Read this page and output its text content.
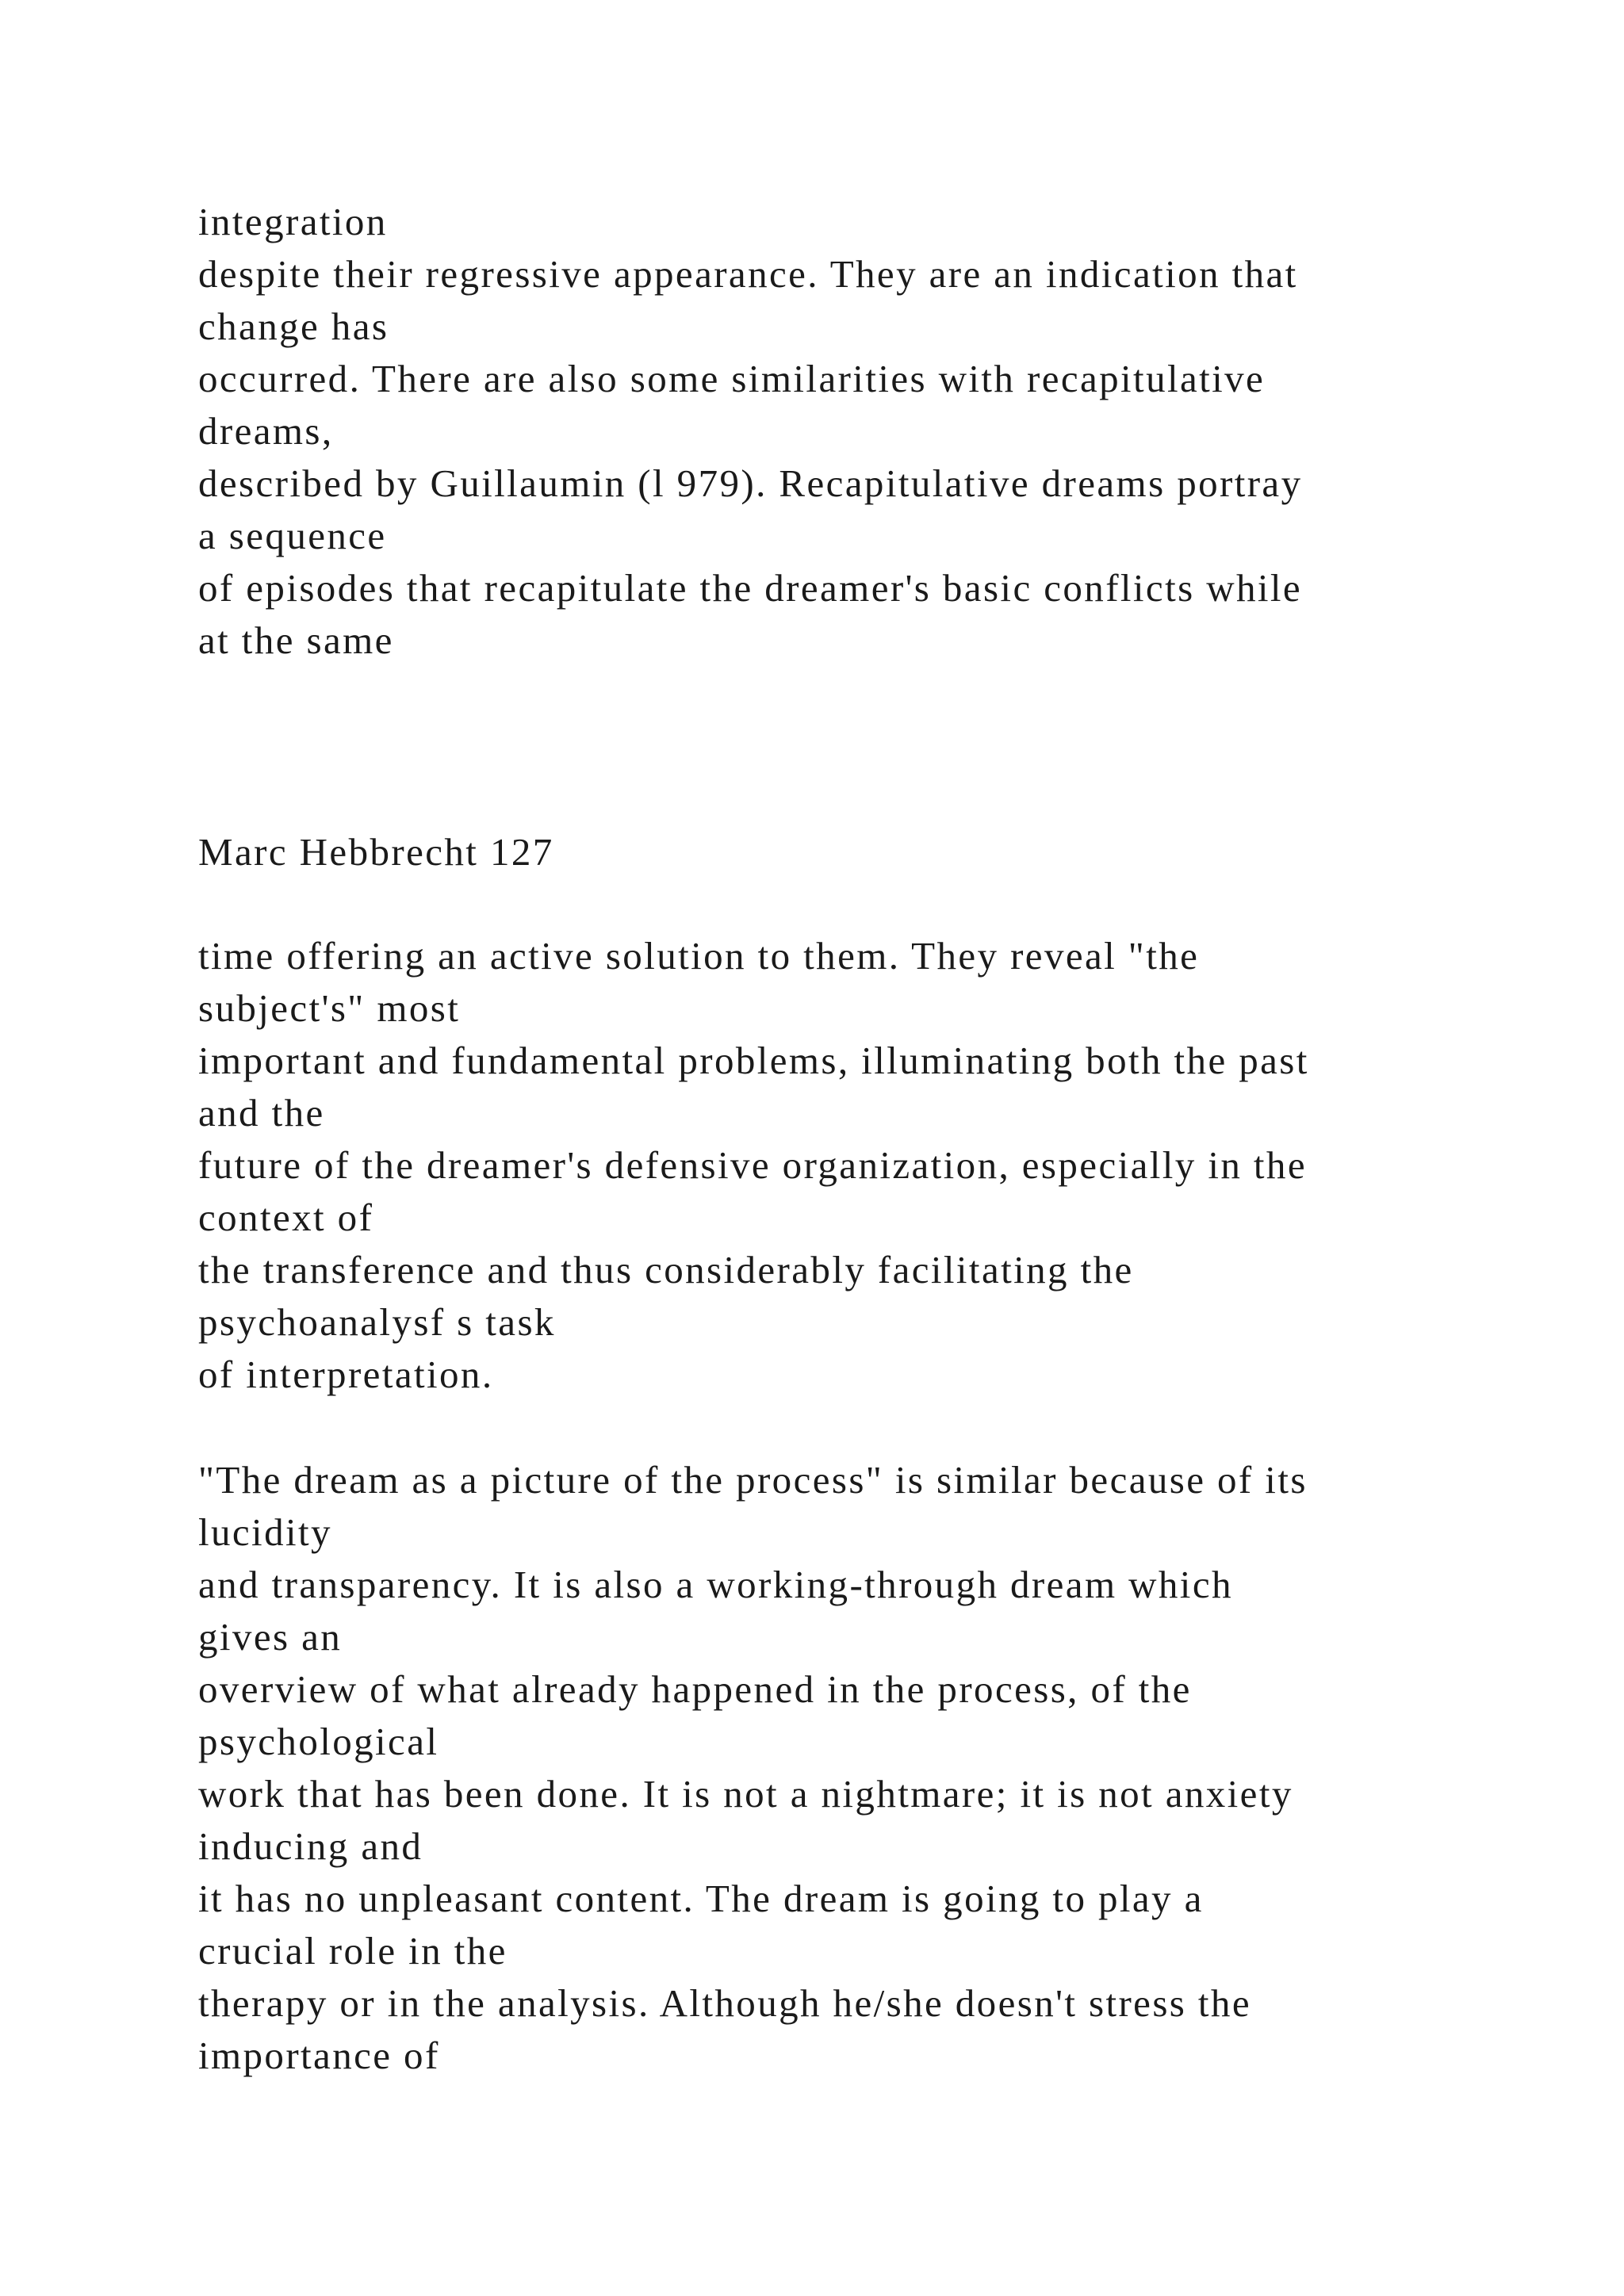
integration
despite their regressive appearance. They are an indication that
change has
occurred. There are also some similarities with recapitulative
dreams,
described by Guillaumin (l 979). Recapitulative dreams portray
a sequence
of episodes that recapitulate the dreamer's basic conflicts while
at the same

Marc Hebbrecht 127

time offering an active solution to them. They reveal "the
subject's" most
important and fundamental problems, illuminating both the past
and the
future of the dreamer's defensive organization, especially in the
context of
the transference and thus considerably facilitating the
psychoanalysf s task
of interpretation.

"The dream as a picture of the process" is similar because of its
lucidity
and transparency. It is also a working-through dream which
gives an
overview of what already happened in the process, of the
psychological
work that has been done. It is not a nightmare; it is not anxiety
inducing and
it has no unpleasant content. The dream is going to play a
crucial role in the
therapy or in the analysis. Although he/she doesn't stress the
importance of
